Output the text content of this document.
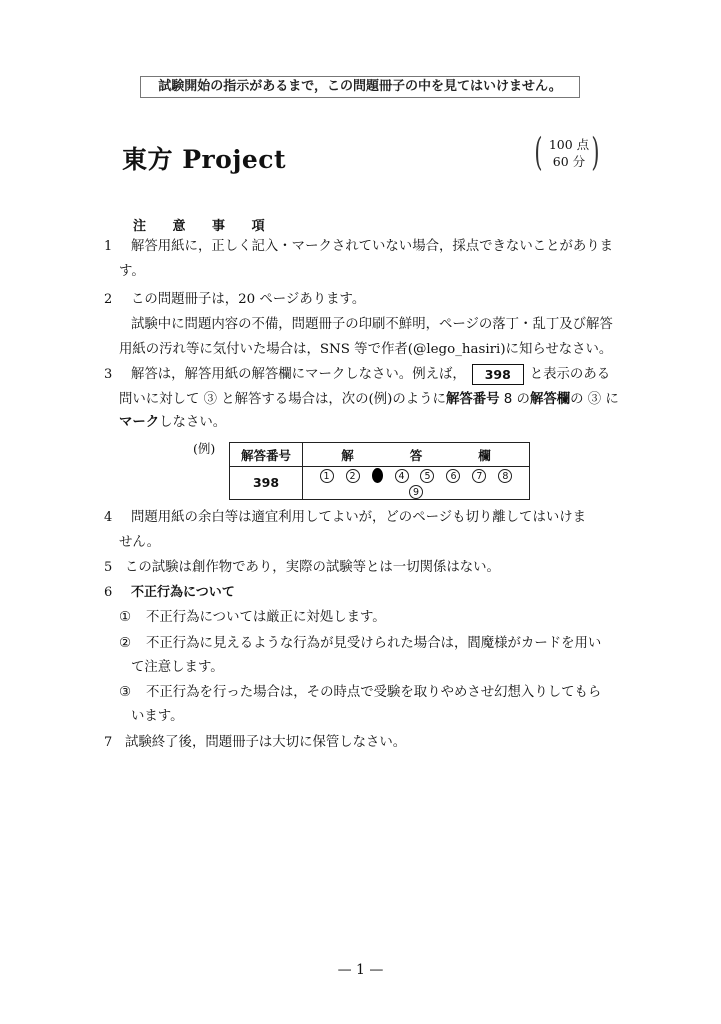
試験開始の指示があるまで，この問題冊子の中を見てはいけません。
東方 Project	( 100 点
60 分 )
注 意 事 項
1 解答用紙に，正しく記入・マークされていない場合，採点できないことがありま
す。
2 この問題冊子は，20 ページあります。
試験中に問題内容の不備，問題冊子の印刷不鮮明，ページの落丁・乱丁及び解答
用紙の汚れ等に気付いた場合は，SNS 等で作者(@lego_hasiri)に知らせなさい。
3 解答は，解答用紙の解答欄にマークしなさい。例えば， 398 と表示のある
問いに対して ③ と解答する場合は，次の(例)のように解答番号 8 の解答欄の ③ に
マークしなさい。
(例) 解答番号	解 答 欄
398	1 2 4 5 6 7 8 9
4 問題用紙の余白等は適宜利用してよいが，どのページも切り離してはいけま
せん。
5 この試験は創作物であり，実際の試験等とは一切関係はない。
6 不正行為について
① 不正行為については厳正に対処します。
② 不正行為に見えるような行為が見受けられた場合は，閻魔様がカードを用い
て注意します。
③ 不正行為を行った場合は，その時点で受験を取りやめさせ幻想入りしてもら
います。
7 試験終了後，問題冊子は大切に保管しなさい。
— 1 —
